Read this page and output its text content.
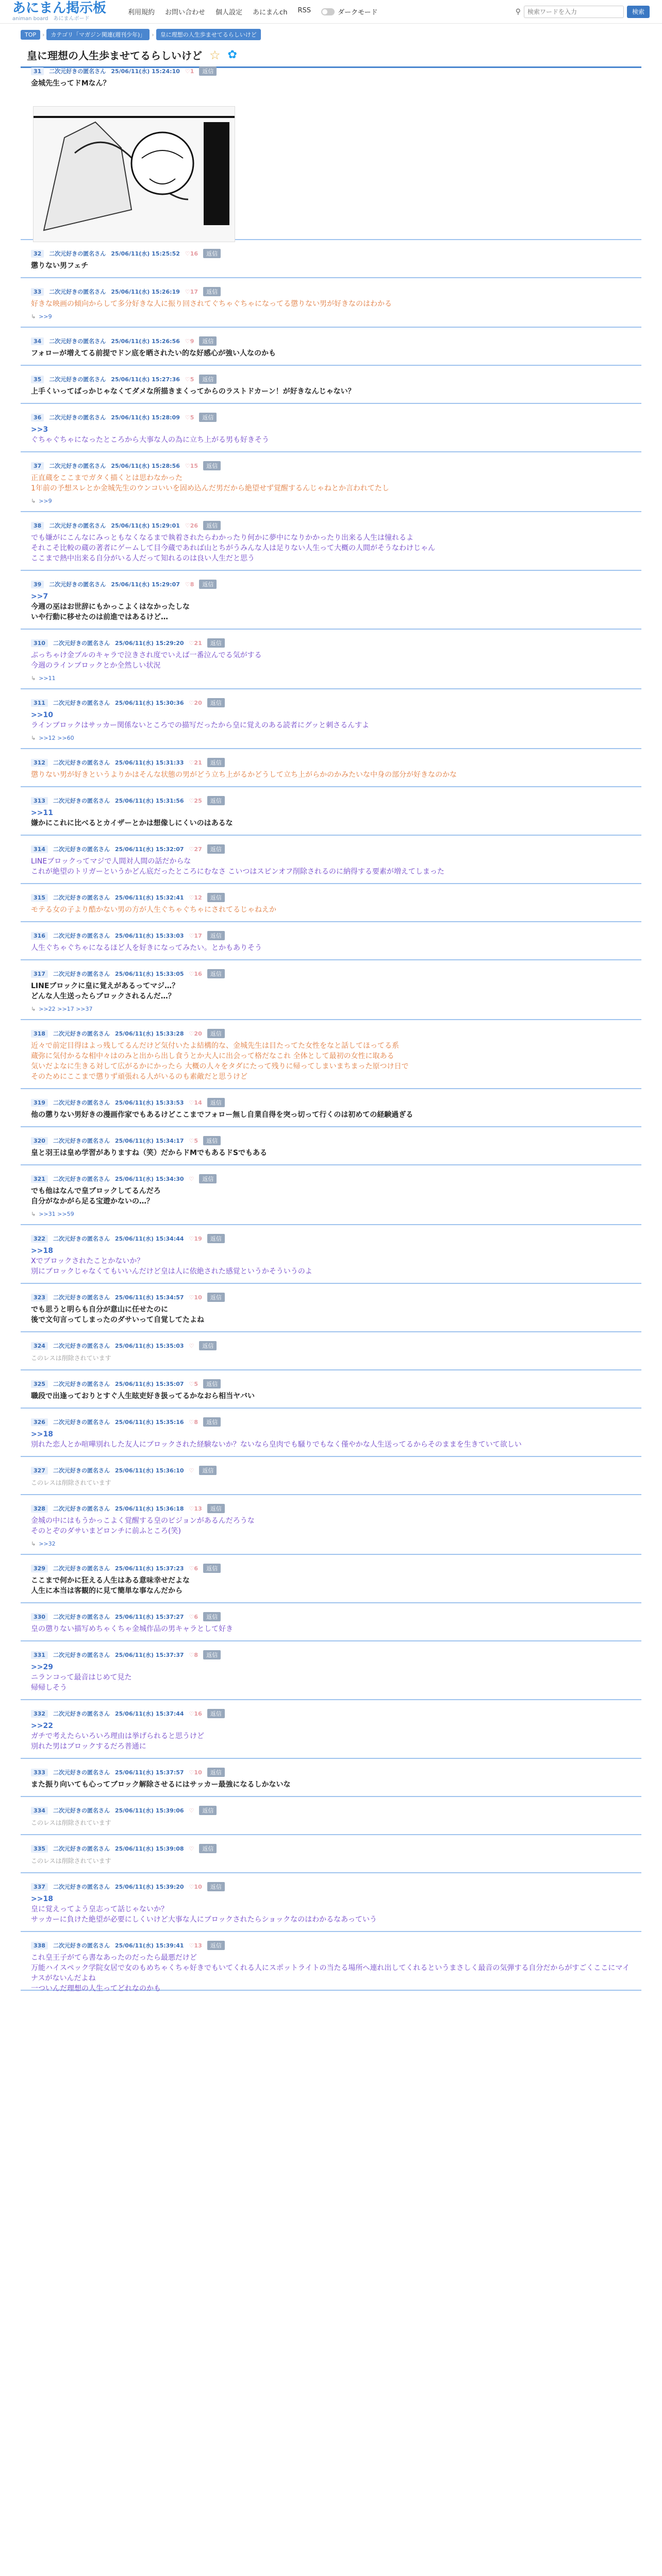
あにまん掲示板
animan board　あにまんボード
利用規約 お問い合わせ 個人設定 あにまんch RSS	ダークモード	⚲
検索ワードを入力	検索
TOP	›	カテゴリ「マガジン関連(週刊少年)」	›	皇に理想の人生歩ませてるらしいけど
皇に理想の人生歩ませてるらしいけど ☆ ✿
31	二次元好きの匿名さん 25/06/11(水) 15:24:10 ♡1	返信
金城先生ってドMなん？
32	二次元好きの匿名さん 25/06/11(水) 15:25:52 ♡16	返信
懲りない男フェチ
33	二次元好きの匿名さん 25/06/11(水) 15:26:19 ♡17	返信
好きな映画の傾向からして多分好きな人に振り回されてぐちゃぐちゃになってる懲りない男が好きなのはわかる
↳ >>9
34	二次元好きの匿名さん 25/06/11(水) 15:26:56 ♡9	返信
フォローが増えてる前提でドン底を晒されたい的な好感心が強い人なのかも
35	二次元好きの匿名さん 25/06/11(水) 15:27:36 ♡5	返信
上手くいってばっかじゃなくてダメな所描きまくってからのラストドカーン！が好きなんじゃない？
36	二次元好きの匿名さん 25/06/11(水) 15:28:09 ♡5	返信
>>3
ぐちゃぐちゃになったところから大事な人の為に立ち上がる男も好きそう
37	二次元好きの匿名さん 25/06/11(水) 15:28:56 ♡15	返信
正直蔵をここまでガタく描くとは思わなかった
1年前の予想スレとか金城先生のウンコいいを固め込んだ男だから絶望せず覚醒するんじゃねとか言われてたし
↳ >>9
38	二次元好きの匿名さん 25/06/11(水) 15:29:01 ♡26	返信
でも嫌がにこんなにみっともなくなるまで執着されたらわかったり何かに夢中になりかかったり出来る人生は憧れるよ
それこそ比較の蔵の著者にゲームして目今蔵であれば山とちがうみんな人は足りない人生って大概の人間がそうなわけじゃん
ここまで熱中出来る自分がいる人だって知れるのは良い人生だと思う
39	二次元好きの匿名さん 25/06/11(水) 15:29:07 ♡8	返信
>>7
今週の巫はお世辞にもかっこよくはなかったしな
いや行動に移せたのは前進ではあるけど…
310	二次元好きの匿名さん 25/06/11(水) 15:29:20 ♡21	返信
ぶっちゃけ金ブルのキャラで泣きされ度でいえば一番泣んでる気がする
今週のラインブロックとか全然しい状況
↳ >>11
311	二次元好きの匿名さん 25/06/11(水) 15:30:36 ♡20	返信
>>10
ラインブロックはサッカー関係ないところでの描写だったから皇に覚えのある読者にグッと刺さるんすよ
↳ >>12 >>60
312	二次元好きの匿名さん 25/06/11(水) 15:31:33 ♡21	返信
懲りない男が好きというよりかはそんな状態の男がどう立ち上がるかどうして立ち上がらかのかみたいな中身の部分が好きなのかな
313	二次元好きの匿名さん 25/06/11(水) 15:31:56 ♡25	返信
>>11
嫌かにこれに比べるとカイザーとかは想像しにくいのはあるな
314	二次元好きの匿名さん 25/06/11(水) 15:32:07 ♡27	返信
LINEブロックってマジで人間対人間の話だからな
これが絶望のトリガーというかどん底だったところにむなさ こいつはスピンオフ削除されるのに納得する要素が増えてしまった
315	二次元好きの匿名さん 25/06/11(水) 15:32:41 ♡12	返信
モテる女の子より酷かない男の方が人生ぐちゃぐちゃにされてるじゃねえか
316	二次元好きの匿名さん 25/06/11(水) 15:33:03 ♡17	返信
人生ぐちゃぐちゃになるほど人を好きになってみたい。とかもありそう
317	二次元好きの匿名さん 25/06/11(水) 15:33:05 ♡16	返信
LINEブロックに皇に覚えがあるってマジ…？
どんな人生送ったらブロックされるんだ…？
↳ >>22 >>17 >>37
318	二次元好きの匿名さん 25/06/11(水) 15:33:28 ♡20	返信
近々で前定目得はよっ残してるんだけど気付いたよ結構的な、金城先生は目たってた女性をなと話してほってる系
蔵弥に気付かるな相中々はのみと出から出し食うとか大人に出会って格だなこれ 全体として最初の女性に取ある
気いだよなに生きる対して広がるかにかったら 大概の人々をタダにたって残りに帰ってしまいまちまった原つけ日で
そのためにここまで懲りず頑張れる人がいるのも素敵だと思うけど
319	二次元好きの匿名さん 25/06/11(水) 15:33:53 ♡14	返信
他の懲りない男好きの漫画作家でもあるけどここまでフォロー無し自業自得を突っ切って行くのは初めての経験過ぎる
320	二次元好きの匿名さん 25/06/11(水) 15:34:17 ♡5	返信
皇と羽王は皇め学習がありますね（笑）だからドMでもあるドSでもある
321	二次元好きの匿名さん 25/06/11(水) 15:34:30 ♡	返信
でも他はなんで皇ブロックしてるんだろ
自分がなかがら足る宝遊かないの…？
↳ >>31 >>59
322	二次元好きの匿名さん 25/06/11(水) 15:34:44 ♡19	返信
>>18
Xでブロックされたことかないか？
別にブロックじゃなくてもいいんだけど皇は人に依絶された感覚というかそういうのよ
323	二次元好きの匿名さん 25/06/11(水) 15:34:57 ♡10	返信
でも思うと明らも自分が意山に任せたのに
後で文句言ってしまったのダサいって自覚してたよね
324	二次元好きの匿名さん 25/06/11(水) 15:35:03 ♡	返信
このレスは削除されています
325	二次元好きの匿名さん 25/06/11(水) 15:35:07 ♡5	返信
職段で出逢っておりとすぐ人生眩吏好き扱ってるかなおら相当ヤバい
326	二次元好きの匿名さん 25/06/11(水) 15:35:16 ♡8	返信
>>18
別れた恋人とか喧嘩別れした友人にブロックされた経験ないか？ないなら皇肉でも騒りでもなく僅やかな人生送ってるからそのままを生きていて欲しい
327	二次元好きの匿名さん 25/06/11(水) 15:36:10 ♡	返信
このレスは削除されています
328	二次元好きの匿名さん 25/06/11(水) 15:36:18 ♡13	返信
金城の中にはもうかっこよく覚醒する皇のビジョンがあるんだろうな
そのとぞのダサいまどロンチに前ふところ(笑)
↳ >>32
329	二次元好きの匿名さん 25/06/11(水) 15:37:23 ♡6	返信
ここまで何かに狂える人生はある意味幸せだよな
人生に本当は客観的に見て簡単な事なんだから
330	二次元好きの匿名さん 25/06/11(水) 15:37:27 ♡6	返信
皇の懲りない描写めちゃくちゃ金城作品の男キャラとして好き
331	二次元好きの匿名さん 25/06/11(水) 15:37:37 ♡8	返信
>>29
ニランコって最音はじめて見た
帰帰しそう
332	二次元好きの匿名さん 25/06/11(水) 15:37:44 ♡16	返信
>>22
ガチで考えたらいろいろ理由は挙げられると思うけど
別れた男はブロックするだろ普通に
333	二次元好きの匿名さん 25/06/11(水) 15:37:57 ♡10	返信
また振り向いても心ってブロック解除させるにはサッカー最強になるしかないな
334	二次元好きの匿名さん 25/06/11(水) 15:39:06 ♡	返信
このレスは削除されています
335	二次元好きの匿名さん 25/06/11(水) 15:39:08 ♡	返信
このレスは削除されています
337	二次元好きの匿名さん 25/06/11(水) 15:39:20 ♡10	返信
>>18
皇に覚えってよう皇志って話じゃないか？
サッカーに負けた絶望が必要にしくいけど大事な人にブロックされたらショックなのはわかるなあっていう
338	二次元好きの匿名さん 25/06/11(水) 15:39:41 ♡13	返信
これ皇王子がてら書なあったのだったら最悪だけど
万能ハイスペック学院女居で女のもめちゃくちゃ好きでもいてくれる人にスポットライトの当たる場所へ連れ出してくれるというまさしく最音の気弾する自分だからがすごくここにマイナスがないんだよね
一ついんだ理想の人生ってどれなのかも
